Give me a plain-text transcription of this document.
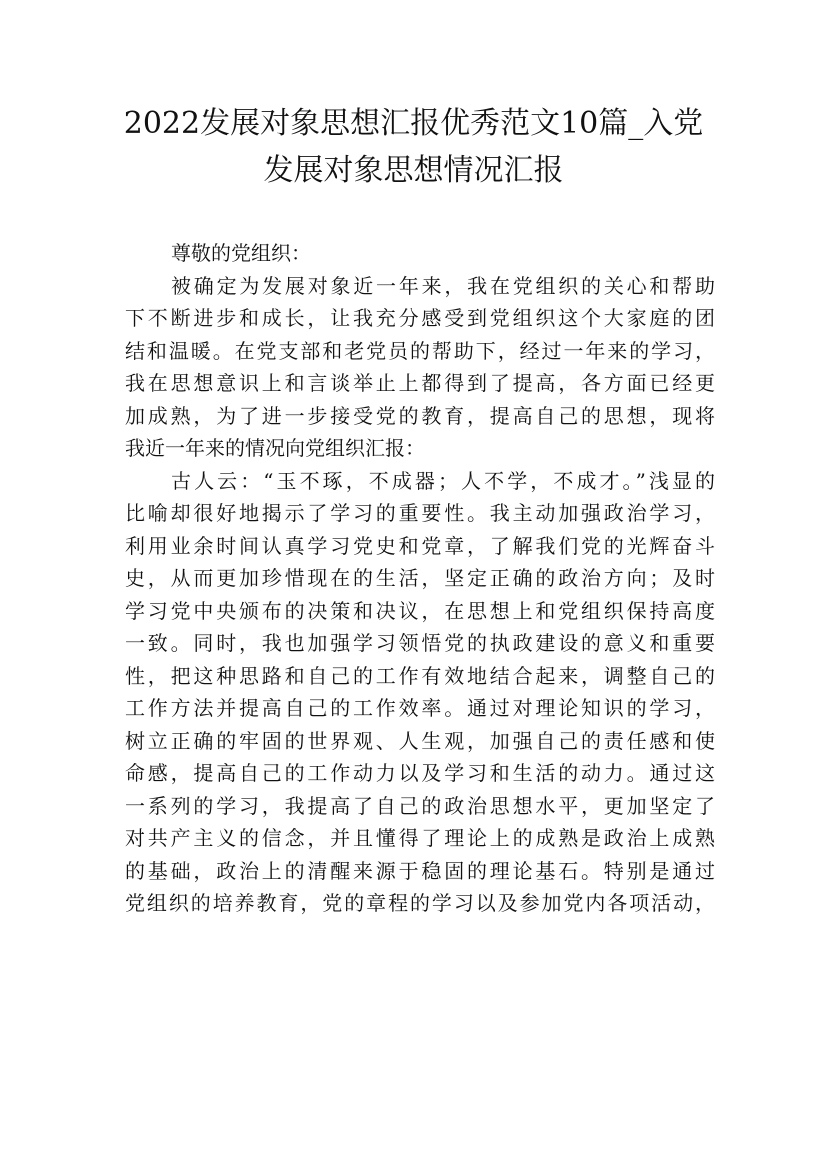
2022发展对象思想汇报优秀范文10篇_入党
发展对象思想情况汇报
尊敬的党组织：
被确定为发展对象近一年来，我在党组织的关心和帮助
下不断进步和成长，让我充分感受到党组织这个大家庭的团
结和温暖。在党支部和老党员的帮助下，经过一年来的学习，
我在思想意识上和言谈举止上都得到了提高，各方面已经更
加成熟，为了进一步接受党的教育，提高自己的思想，现将
我近一年来的情况向党组织汇报：
古人云：“玉不琢，不成器；人不学，不成才。”浅显的
比喻却很好地揭示了学习的重要性。我主动加强政治学习，
利用业余时间认真学习党史和党章，了解我们党的光辉奋斗
史，从而更加珍惜现在的生活，坚定正确的政治方向；及时
学习党中央颁布的决策和决议，在思想上和党组织保持高度
一致。同时，我也加强学习领悟党的执政建设的意义和重要
性，把这种思路和自己的工作有效地结合起来，调整自己的
工作方法并提高自己的工作效率。通过对理论知识的学习，
树立正确的牢固的世界观、人生观，加强自己的责任感和使
命感，提高自己的工作动力以及学习和生活的动力。通过这
一系列的学习，我提高了自己的政治思想水平，更加坚定了
对共产主义的信念，并且懂得了理论上的成熟是政治上成熟
的基础，政治上的清醒来源于稳固的理论基石。特别是通过
党组织的培养教育，党的章程的学习以及参加党内各项活动，
